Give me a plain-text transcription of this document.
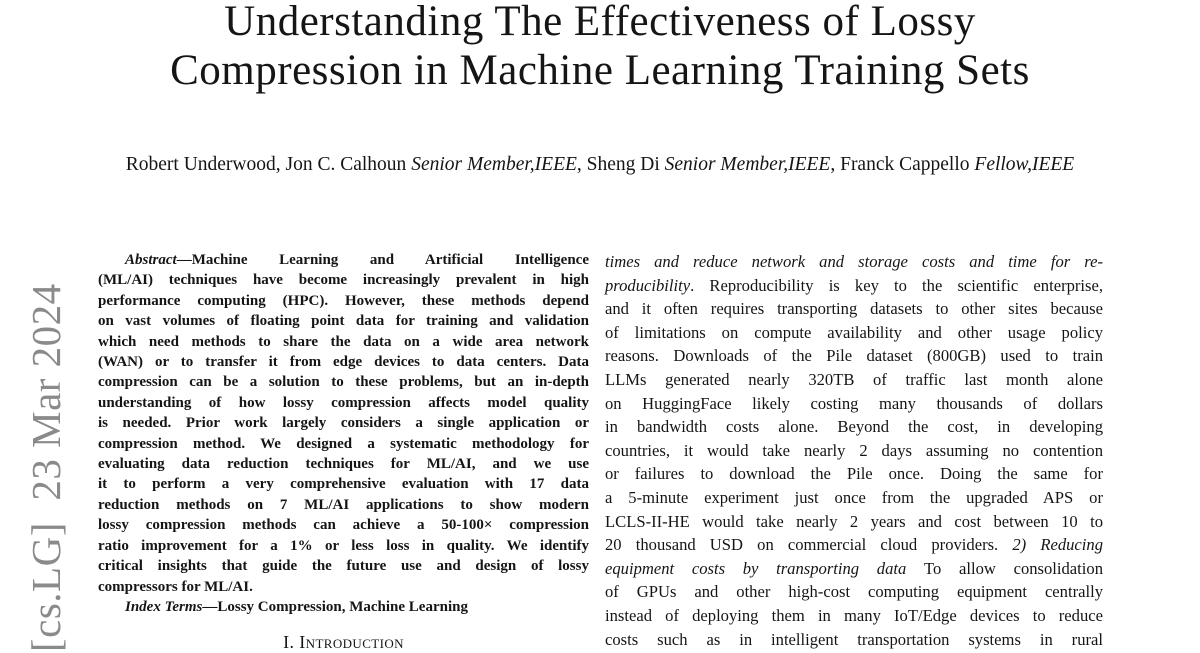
[cs.LG]  23 Mar 2024
Understanding The Effectiveness of Lossy
Compression in Machine Learning Training Sets
Robert Underwood, Jon C. Calhoun Senior Member,IEEE, Sheng Di Senior Member,IEEE, Franck Cappello Fellow,IEEE
Abstract—Machine Learning and Artificial Intelligence
(ML/AI) techniques have become increasingly prevalent in high
performance computing (HPC). However, these methods depend
on vast volumes of floating point data for training and validation
which need methods to share the data on a wide area network
(WAN) or to transfer it from edge devices to data centers. Data
compression can be a solution to these problems, but an in-depth
understanding of how lossy compression affects model quality
is needed. Prior work largely considers a single application or
compression method. We designed a systematic methodology for
evaluating data reduction techniques for ML/AI, and we use
it to perform a very comprehensive evaluation with 17 data
reduction methods on 7 ML/AI applications to show modern
lossy compression methods can achieve a 50-100× compression
ratio improvement for a 1% or less loss in quality. We identify
critical insights that guide the future use and design of lossy
compressors for ML/AI.
Index Terms—Lossy Compression, Machine Learning
I. Introduction
times and reduce network and storage costs and time for re-
producibility. Reproducibility is key to the scientific enterprise,
and it often requires transporting datasets to other sites because
of limitations on compute availability and other usage policy
reasons. Downloads of the Pile dataset (800GB) used to train
LLMs generated nearly 320TB of traffic last month alone
on HuggingFace likely costing many thousands of dollars
in bandwidth costs alone. Beyond the cost, in developing
countries, it would take nearly 2 days assuming no contention
or failures to download the Pile once. Doing the same for
a 5-minute experiment just once from the upgraded APS or
LCLS-II-HE would take nearly 2 years and cost between 10 to
20 thousand USD on commercial cloud providers. 2) Reducing
equipment costs by transporting data To allow consolidation
of GPUs and other high-cost computing equipment centrally
instead of deploying them in many IoT/Edge devices to reduce
costs such as in intelligent transportation systems in rural
